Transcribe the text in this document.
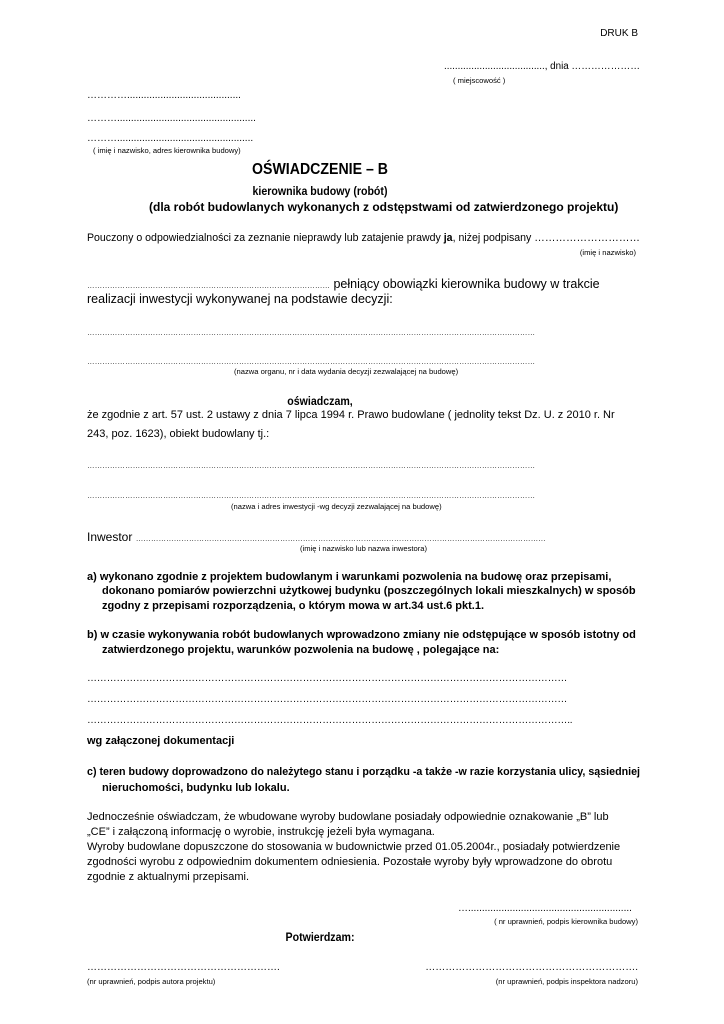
DRUK B
....................................., dnia …………………
( miejscowość )
………….........................................
………..................................................
……….................................................
( imię i nazwisko, adres kierownika budowy)
OŚWIADCZENIE – B
kierownika budowy (robót)
(dla robót budowlanych wykonanych z odstępstwami od zatwierdzonego projektu)
Pouczony o odpowiedzialności za zeznanie nieprawdy lub zatajenie prawdy ja, niżej podpisany …………………………
(imię i nazwisko)
…………………………………………………………………………………… pełniący obowiązki kierownika budowy w trakcie
realizacji inwestycji wykonywanej na podstawie decyzji:
……………………………………………………………………………………………………………………………………………………………
……………………………………………………………………………………………………………………………………………………………
(nazwa organu, nr i data wydania decyzji zezwalającej na budowę)
oświadczam,
że zgodnie z art. 57 ust. 2 ustawy z dnia 7 lipca 1994 r. Prawo budowlane ( jednolity tekst Dz. U. z 2010 r. Nr
243, poz. 1623), obiekt budowlany tj.:
……………………………………………………………………………………………………………………………………………………………
……………………………………………………………………………………………………………………………………………………………
(nazwa i adres inwestycji -wg decyzji zezwalającej na budowę)
Inwestor ………………………………………………………………………………………………………………………………………………
(imię i nazwisko lub nazwa inwestora)
a) wykonano zgodnie z projektem budowlanym i warunkami pozwolenia na budowę oraz przepisami,
dokonano pomiarów powierzchni użytkowej budynku (poszczególnych lokali mieszkalnych) w sposób
zgodny z przepisami rozporządzenia, o którym mowa w art.34 ust.6 pkt.1.
b) w czasie wykonywania robót budowlanych wprowadzono zmiany nie odstępujące w sposób istotny od
zatwierdzonego projektu, warunków pozwolenia na budowę , polegające na:
…………………………………………………………………………………………………………………………………
…………………………………………………………………………………………………………………………………
…………………………………………………………………………………………………………………………………..
wg załączonej dokumentacji
c) teren budowy doprowadzono do należytego stanu i porządku -a także -w razie korzystania ulicy, sąsiedniej
nieruchomości, budynku lub lokalu.
Jednocześnie oświadczam, że wbudowane wyroby budowlane posiadały odpowiednie oznakowanie „B” lub
„CE” i załączoną informację o wyrobie, instrukcję jeżeli była wymagana.
Wyroby budowlane dopuszczone do stosowania w budownictwie przed 01.05.2004r., posiadały potwierdzenie
zgodności wyrobu z odpowiednim dokumentem odniesienia. Pozostałe wyroby były wprowadzone do obrotu
zgodnie z aktualnymi przepisami.
…...........................................................
( nr uprawnień, podpis kierownika budowy)
Potwierdzam:
………………………………………………….
(nr uprawnień, podpis autora projektu)
……………………………………………………….
(nr uprawnień, podpis inspektora nadzoru)
